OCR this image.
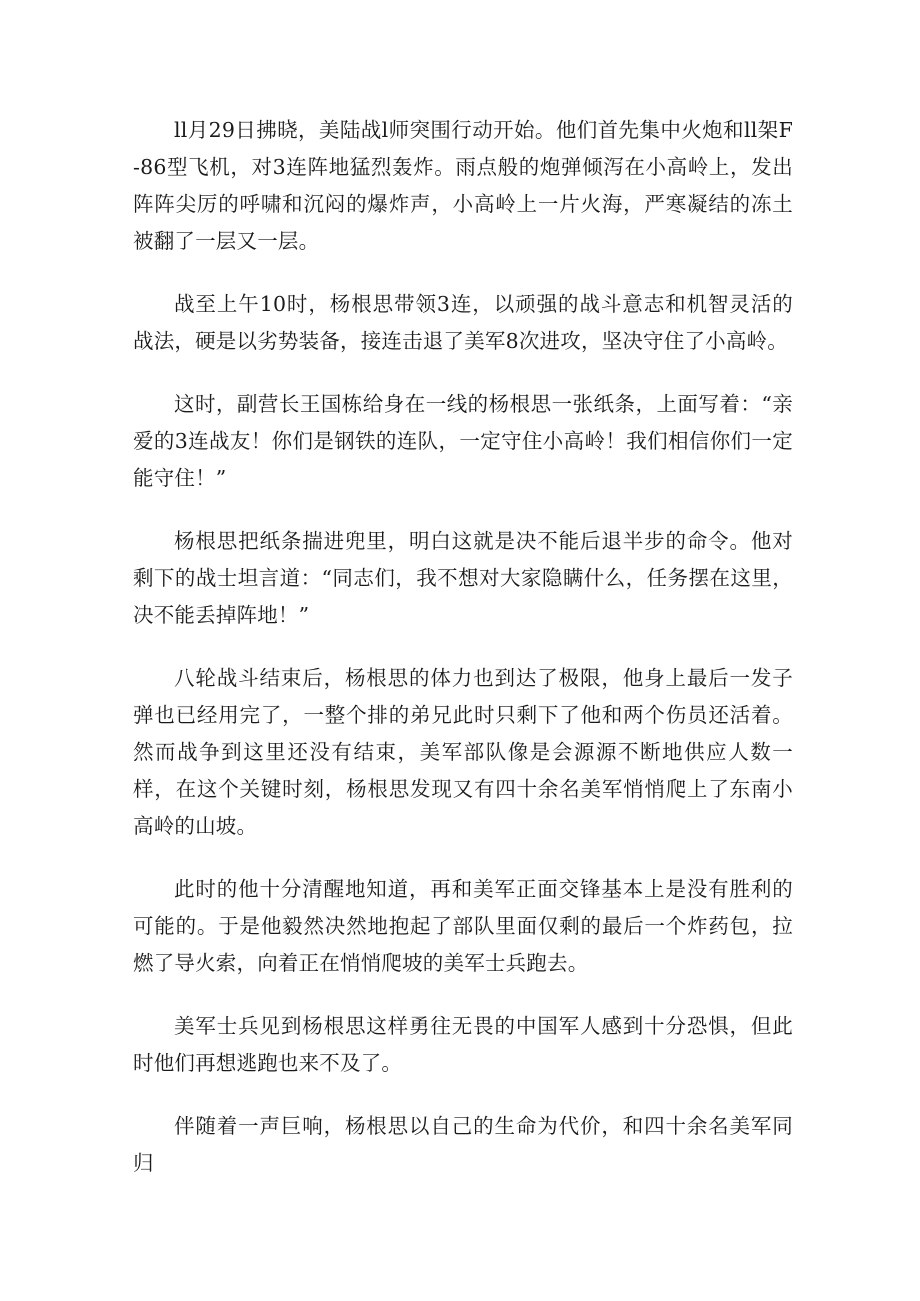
ll月29日拂晓，美陆战l师突围行动开始。他们首先集中火炮和ll架F-86型飞机，对3连阵地猛烈轰炸。雨点般的炮弹倾泻在小高岭上，发出阵阵尖厉的呼啸和沉闷的爆炸声，小高岭上一片火海，严寒凝结的冻土被翻了一层又一层。

战至上午10时，杨根思带领3连，以顽强的战斗意志和机智灵活的战法，硬是以劣势装备，接连击退了美军8次进攻，坚决守住了小高岭。

这时，副营长王国栋给身在一线的杨根思一张纸条，上面写着：“亲爱的3连战友！你们是钢铁的连队，一定守住小高岭！我们相信你们一定能守住！”

杨根思把纸条揣进兜里，明白这就是决不能后退半步的命令。他对剩下的战士坦言道：“同志们，我不想对大家隐瞒什么，任务摆在这里，决不能丢掉阵地！”

八轮战斗结束后，杨根思的体力也到达了极限，他身上最后一发子弹也已经用完了，一整个排的弟兄此时只剩下了他和两个伤员还活着。然而战争到这里还没有结束，美军部队像是会源源不断地供应人数一样，在这个关键时刻，杨根思发现又有四十余名美军悄悄爬上了东南小高岭的山坡。

此时的他十分清醒地知道，再和美军正面交锋基本上是没有胜利的可能的。于是他毅然决然地抱起了部队里面仅剩的最后一个炸药包，拉燃了导火索，向着正在悄悄爬坡的美军士兵跑去。

美军士兵见到杨根思这样勇往无畏的中国军人感到十分恐惧，但此时他们再想逃跑也来不及了。

伴随着一声巨响，杨根思以自己的生命为代价，和四十余名美军同归
